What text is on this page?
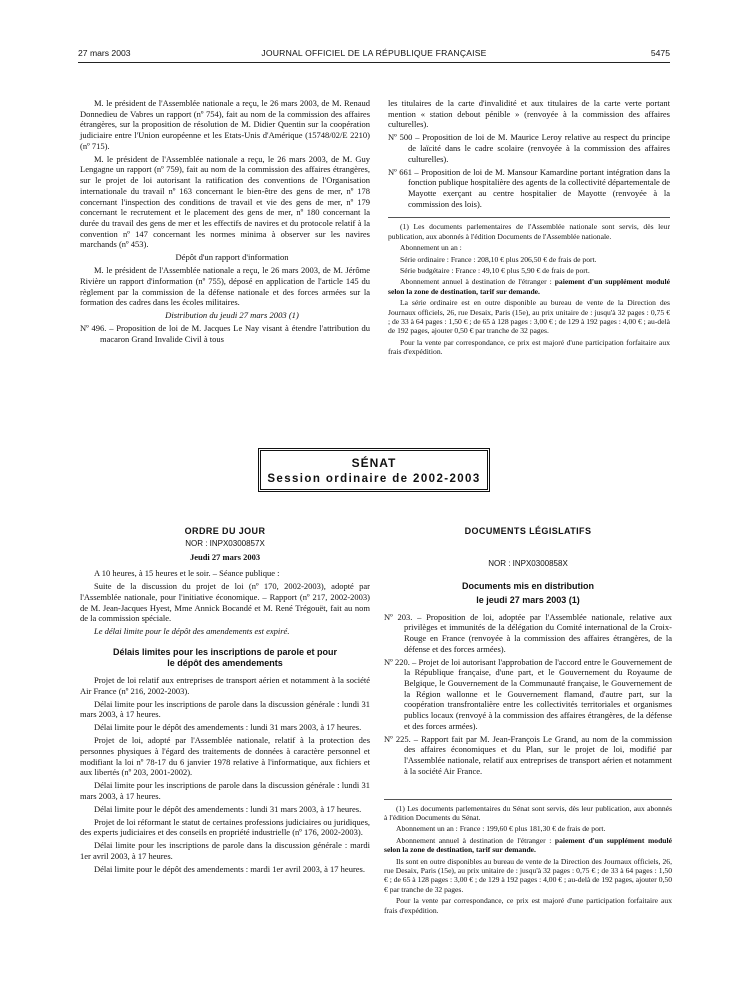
27 mars 2003	JOURNAL OFFICIEL DE LA RÉPUBLIQUE FRANÇAISE	5475

M. le président de l'Assemblée nationale a reçu, le 26 mars 2003, de M. Renaud Donnedieu de Vabres un rapport (nº 754), fait au nom de la commission des affaires étrangères, sur la proposition de résolution de M. Didier Quentin sur la coopération judiciaire entre l'Union européenne et les Etats-Unis d'Amérique (15748/02/E 2210) (nº 715).

M. le président de l'Assemblée nationale a reçu, le 26 mars 2003, de M. Guy Lengagne un rapport (nº 759), fait au nom de la commission des affaires étrangères, sur le projet de loi autorisant la ratification des conventions de l'Organisation internationale du travail nº 163 concernant le bien-être des gens de mer, nº 178 concernant l'inspection des conditions de travail et vie des gens de mer, nº 179 concernant le recrutement et le placement des gens de mer, nº 180 concernant la durée du travail des gens de mer et les effectifs de navires et du protocole relatif à la convention nº 147 concernant les normes minima à observer sur les navires marchands (nº 453).

Dépôt d'un rapport d'information

M. le président de l'Assemblée nationale a reçu, le 26 mars 2003, de M. Jérôme Rivière un rapport d'information (nº 755), déposé en application de l'article 145 du règlement par la commission de la défense nationale et des forces armées sur la formation des cadres dans les écoles militaires.

Distribution du jeudi 27 mars 2003 (1)

Nº 496. – Proposition de loi de M. Jacques Le Nay visant à étendre l'attribution du macaron Grand Invalide Civil à tous

les titulaires de la carte d'invalidité et aux titulaires de la carte verte portant mention « station debout pénible » (renvoyée à la commission des affaires culturelles).

Nº 500 – Proposition de loi de M. Maurice Leroy relative au respect du principe de laïcité dans le cadre scolaire (renvoyée à la commission des affaires culturelles).

Nº 661 – Proposition de loi de M. Mansour Kamardine portant intégration dans la fonction publique hospitalière des agents de la collectivité départementale de Mayotte exerçant au centre hospitalier de Mayotte (renvoyée à la commission des lois).

(1) Les documents parlementaires de l'Assemblée nationale sont servis, dès leur publication, aux abonnés à l'édition Documents de l'Assemblée nationale.

Abonnement un an :

Série ordinaire : France : 208,10 € plus 206,50 € de frais de port.

Série budgétaire : France : 49,10 € plus 5,90 € de frais de port.

Abonnement annuel à destination de l'étranger : paiement d'un supplément modulé selon la zone de destination, tarif sur demande.

La série ordinaire est en outre disponible au bureau de vente de la Direction des Journaux officiels, 26, rue Desaix, Paris (15e), au prix unitaire de : jusqu'à 32 pages : 0,75 € ; de 33 à 64 pages : 1,50 € ; de 65 à 128 pages : 3,00 € ; de 129 à 192 pages : 4,00 € ; au-delà de 192 pages, ajouter 0,50 € par tranche de 32 pages.

Pour la vente par correspondance, ce prix est majoré d'une participation forfaitaire aux frais d'expédition.

SÉNAT
Session ordinaire de 2002-2003

ORDRE DU JOUR

NOR : INPX0300857X

Jeudi 27 mars 2003

A 10 heures, à 15 heures et le soir. – Séance publique :

Suite de la discussion du projet de loi (nº 170, 2002-2003), adopté par l'Assemblée nationale, pour l'initiative économique. – Rapport (nº 217, 2002-2003) de M. Jean-Jacques Hyest, Mme Annick Bocandé et M. René Trégouët, fait au nom de la commission spéciale.

Le délai limite pour le dépôt des amendements est expiré.

Délais limites pour les inscriptions de parole et pour le dépôt des amendements

Projet de loi relatif aux entreprises de transport aérien et notamment à la société Air France (nº 216, 2002-2003).

Délai limite pour les inscriptions de parole dans la discussion générale : lundi 31 mars 2003, à 17 heures.

Délai limite pour le dépôt des amendements : lundi 31 mars 2003, à 17 heures.

Projet de loi, adopté par l'Assemblée nationale, relatif à la protection des personnes physiques à l'égard des traitements de données à caractère personnel et modifiant la loi nº 78-17 du 6 janvier 1978 relative à l'informatique, aux fichiers et aux libertés (nº 203, 2001-2002).

Délai limite pour les inscriptions de parole dans la discussion générale : lundi 31 mars 2003, à 17 heures.

Délai limite pour le dépôt des amendements : lundi 31 mars 2003, à 17 heures.

Projet de loi réformant le statut de certaines professions judiciaires ou juridiques, des experts judiciaires et des conseils en propriété industrielle (nº 176, 2002-2003).

Délai limite pour les inscriptions de parole dans la discussion générale : mardi 1er avril 2003, à 17 heures.

Délai limite pour le dépôt des amendements : mardi 1er avril 2003, à 17 heures.

DOCUMENTS LÉGISLATIFS

NOR : INPX0300858X

Documents mis en distribution

le jeudi 27 mars 2003 (1)

Nº 203. – Proposition de loi, adoptée par l'Assemblée nationale, relative aux privilèges et immunités de la délégation du Comité international de la Croix-Rouge en France (renvoyée à la commission des affaires étrangères, de la défense et des forces armées).

Nº 220. – Projet de loi autorisant l'approbation de l'accord entre le Gouvernement de la République française, d'une part, et le Gouvernement du Royaume de Belgique, le Gouvernement de la Communauté française, le Gouvernement de la Région wallonne et le Gouvernement flamand, d'autre part, sur la coopération transfrontalière entre les collectivités territoriales et organismes publics locaux (renvoyé à la commission des affaires étrangères, de la défense et des forces armées).

Nº 225. – Rapport fait par M. Jean-François Le Grand, au nom de la commission des affaires économiques et du Plan, sur le projet de loi, modifié par l'Assemblée nationale, relatif aux entreprises de transport aérien et notamment à la société Air France.

(1) Les documents parlementaires du Sénat sont servis, dès leur publication, aux abonnés à l'édition Documents du Sénat.

Abonnement un an : France : 199,60 € plus 181,30 € de frais de port.

Abonnement annuel à destination de l'étranger : paiement d'un supplément modulé selon la zone de destination, tarif sur demande.

Ils sont en outre disponibles au bureau de vente de la Direction des Journaux officiels, 26, rue Desaix, Paris (15e), au prix unitaire de : jusqu'à 32 pages : 0,75 € ; de 33 à 64 pages : 1,50 € ; de 65 à 128 pages : 3,00 € ; de 129 à 192 pages : 4,00 € ; au-delà de 192 pages, ajouter 0,50 € par tranche de 32 pages.

Pour la vente par correspondance, ce prix est majoré d'une participation forfaitaire aux frais d'expédition.
